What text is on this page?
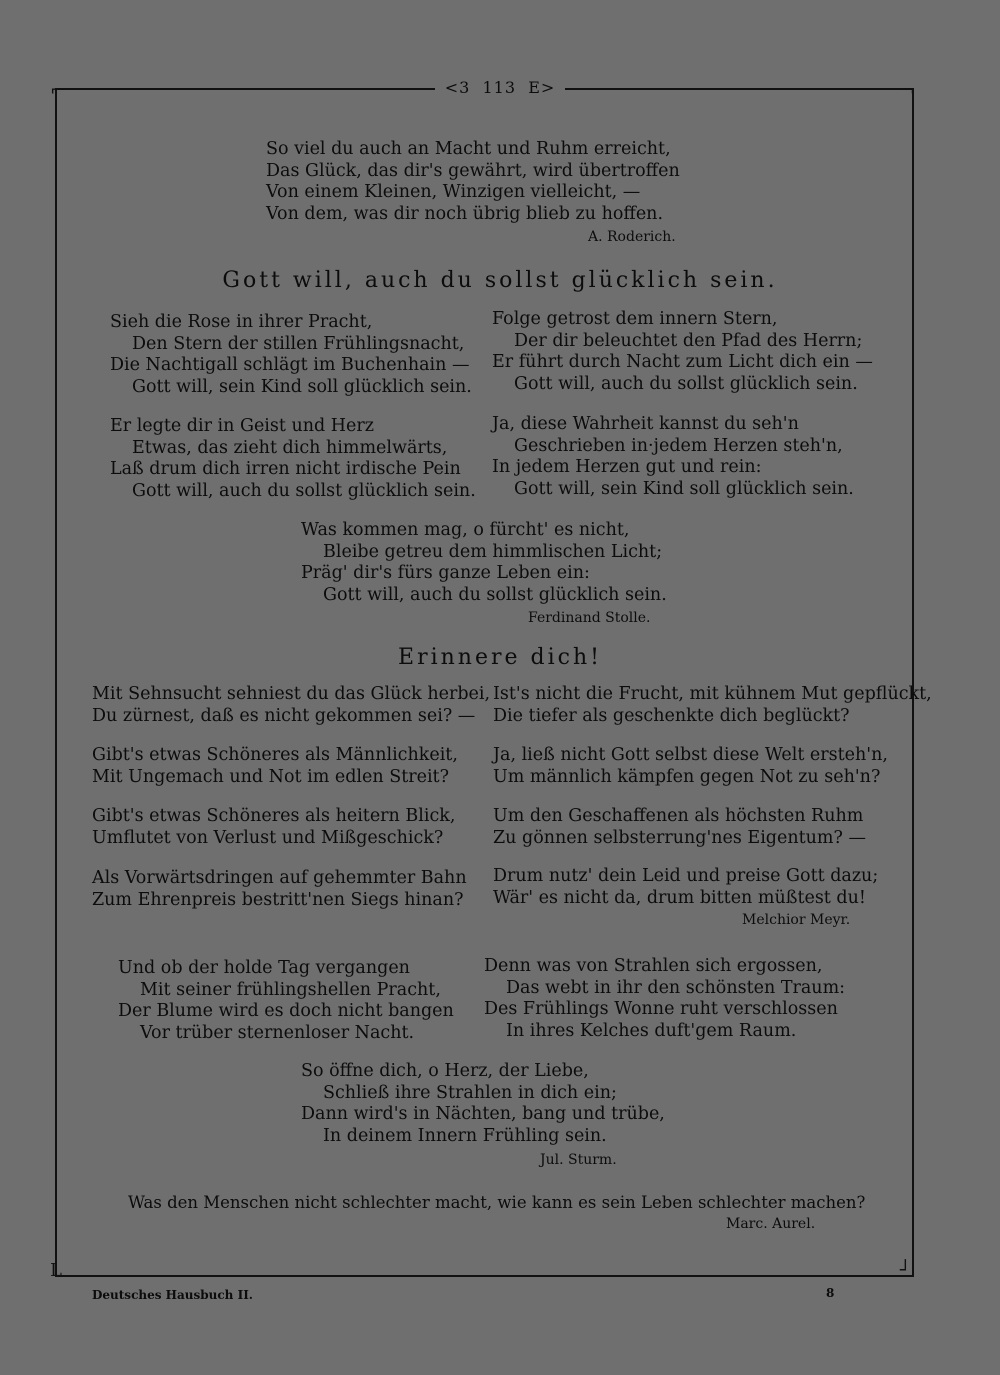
⌐	¬
L	┘
<3 113 E>
So viel du auch an Macht und Ruhm erreicht,
Das Glück, das dir's gewährt, wird übertroffen
Von einem Kleinen, Winzigen vielleicht, —
Von dem, was dir noch übrig blieb zu hoffen.
A. Roderich.
Gott will, auch du sollst glücklich sein.
Sieh die Rose in ihrer Pracht,
Den Stern der stillen Frühlingsnacht,
Die Nachtigall schlägt im Buchenhain —
Gott will, sein Kind soll glücklich sein.
Folge getrost dem innern Stern,
Der dir beleuchtet den Pfad des Herrn;
Er führt durch Nacht zum Licht dich ein —
Gott will, auch du sollst glücklich sein.
Er legte dir in Geist und Herz
Etwas, das zieht dich himmelwärts,
Laß drum dich irren nicht irdische Pein
Gott will, auch du sollst glücklich sein.
Ja, diese Wahrheit kannst du seh'n
Geschrieben in·jedem Herzen steh'n,
In jedem Herzen gut und rein:
Gott will, sein Kind soll glücklich sein.
Was kommen mag, o fürcht' es nicht,
Bleibe getreu dem himmlischen Licht;
Präg' dir's fürs ganze Leben ein:
Gott will, auch du sollst glücklich sein.
Ferdinand Stolle.
Erinnere dich!
Mit Sehnsucht sehniest du das Glück herbei,
Du zürnest, daß es nicht gekommen sei? —
Ist's nicht die Frucht, mit kühnem Mut gepflückt,
Die tiefer als geschenkte dich beglückt?
Gibt's etwas Schöneres als Männlichkeit,
Mit Ungemach und Not im edlen Streit?
Ja, ließ nicht Gott selbst diese Welt ersteh'n,
Um männlich kämpfen gegen Not zu seh'n?
Gibt's etwas Schöneres als heitern Blick,
Umflutet von Verlust und Mißgeschick?
Um den Geschaffenen als höchsten Ruhm
Zu gönnen selbsterrung'nes Eigentum? —
Als Vorwärtsdringen auf gehemmter Bahn
Zum Ehrenpreis bestritt'nen Siegs hinan?
Drum nutz' dein Leid und preise Gott dazu;
Wär' es nicht da, drum bitten müßtest du!
Melchior Meyr.
Und ob der holde Tag vergangen
Mit seiner frühlingshellen Pracht,
Der Blume wird es doch nicht bangen
Vor trüber sternenloser Nacht.
Denn was von Strahlen sich ergossen,
Das webt in ihr den schönsten Traum:
Des Frühlings Wonne ruht verschlossen
In ihres Kelches duft'gem Raum.
So öffne dich, o Herz, der Liebe,
Schließ ihre Strahlen in dich ein;
Dann wird's in Nächten, bang und trübe,
In deinem Innern Frühling sein.
Jul. Sturm.
Was den Menschen nicht schlechter macht, wie kann es sein Leben schlechter machen?
Marc. Aurel.
Deutsches Hausbuch II.	8
